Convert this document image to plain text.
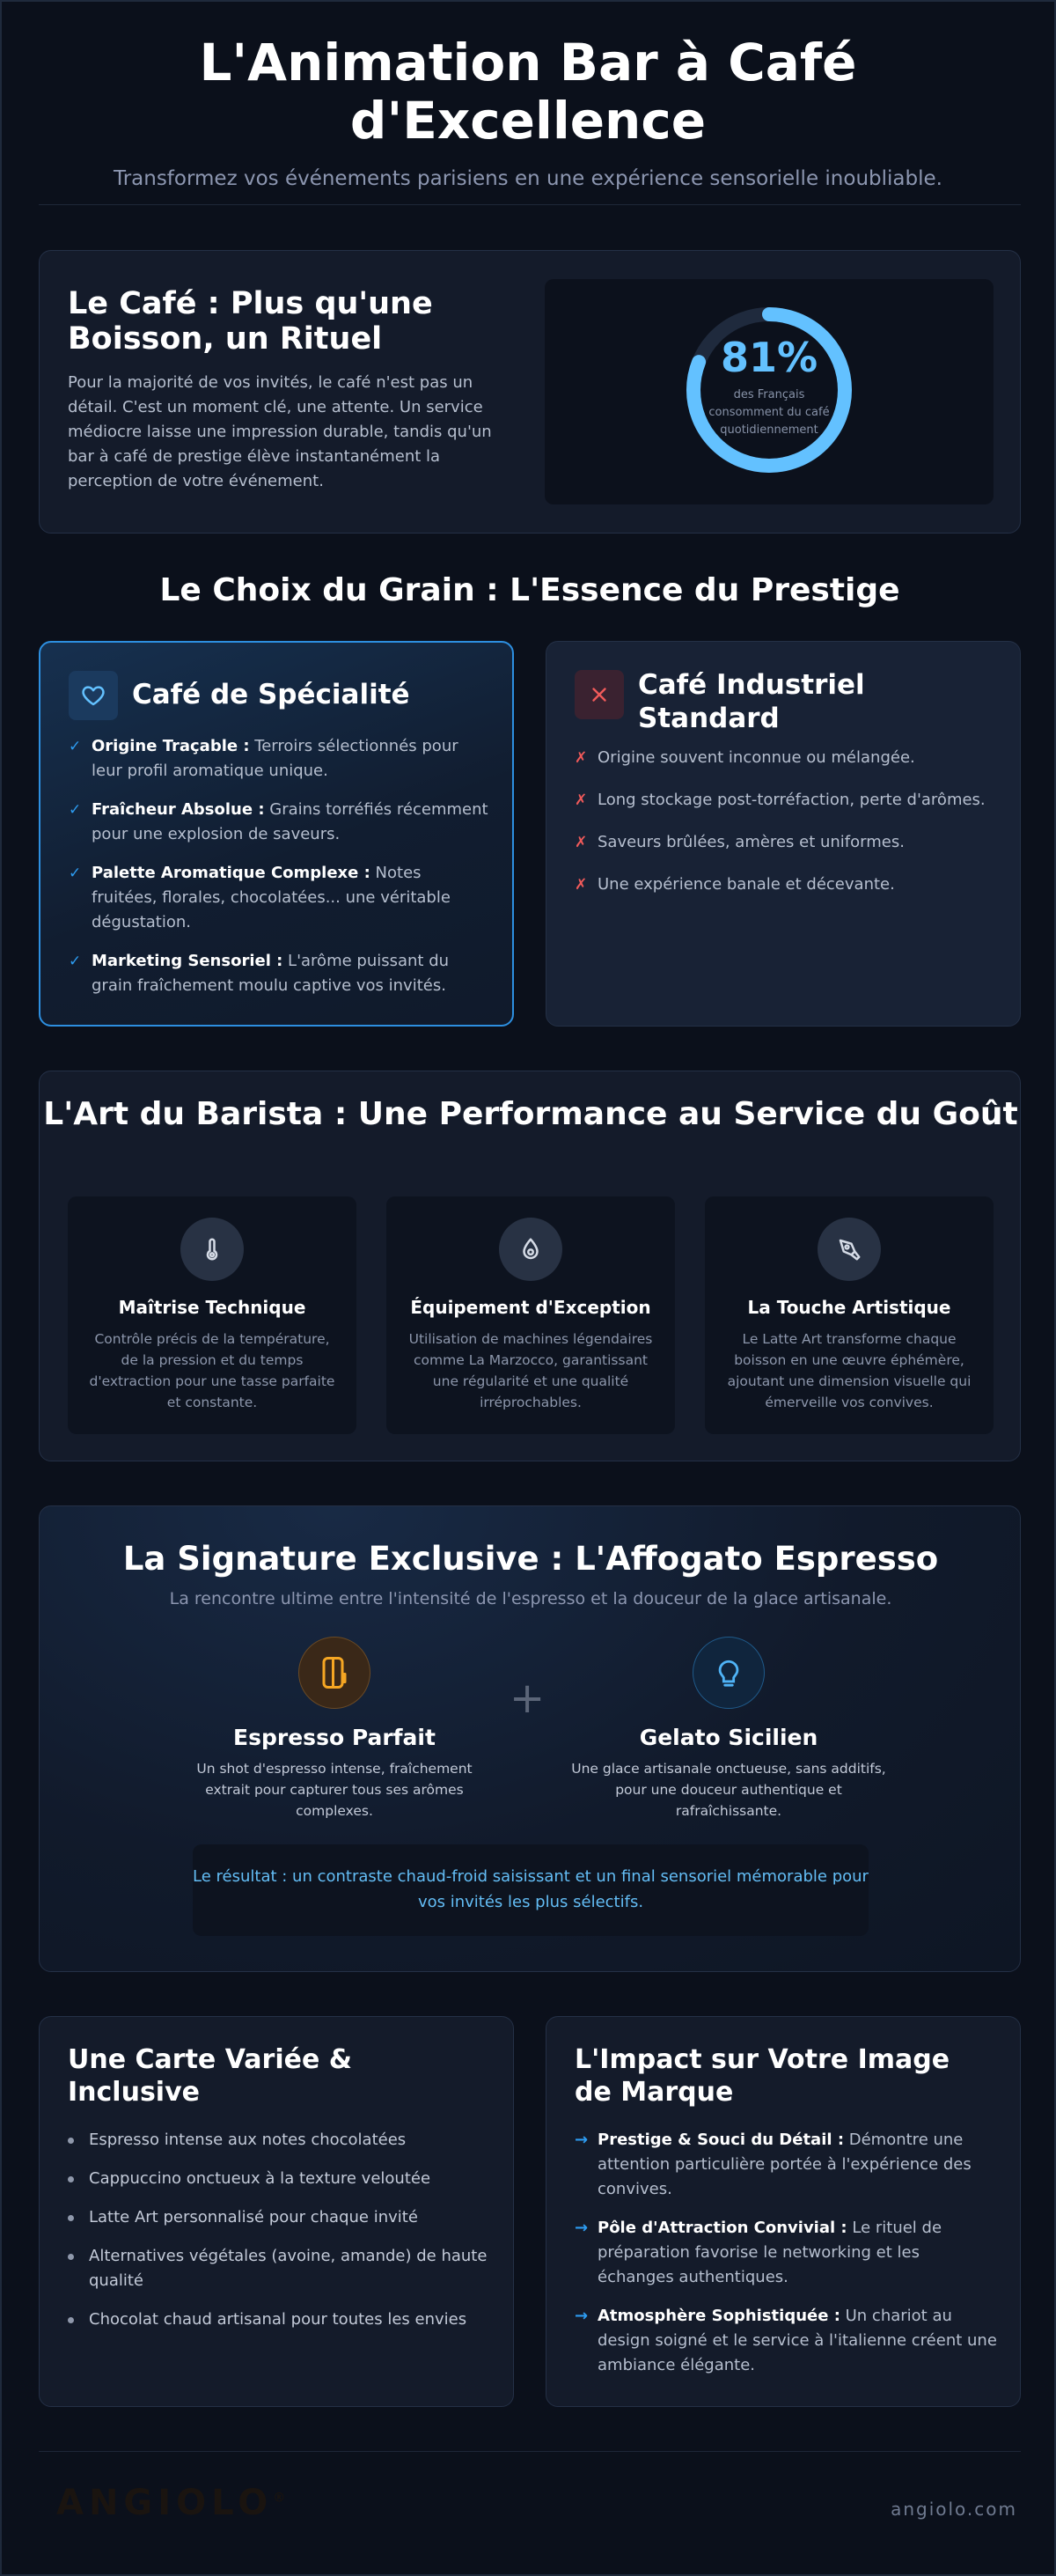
L'Animation Bar à Café d'Excellence

Transformez vos événements parisiens en une expérience sensorielle inoubliable.

Le Café : Plus qu'une Boisson, un Rituel

Pour la majorité de vos invités, le café n'est pas un détail. C'est un moment clé, une attente. Un service médiocre laisse une impression durable, tandis qu'un bar à café de prestige élève instantanément la perception de votre événement.

81%
des Français consomment du café quotidiennement
Le Choix du Grain : L'Essence du Prestige
Café de Spécialité
✓ Origine Traçable : Terroirs sélectionnés pour leur profil aromatique unique.
✓ Fraîcheur Absolue : Grains torréfiés récemment pour une explosion de saveurs.
✓ Palette Aromatique Complexe : Notes fruitées, florales, chocolatées... une véritable dégustation.
✓ Marketing Sensoriel : L'arôme puissant du grain fraîchement moulu captive vos invités.
Café Industriel Standard
✗ Origine souvent inconnue ou mélangée.
✗ Long stockage post-torréfaction, perte d'arômes.
✗ Saveurs brûlées, amères et uniformes.
✗ Une expérience banale et décevante.
L'Art du Barista : Une Performance au Service du Goût
Maîtrise Technique
Contrôle précis de la température, de la pression et du temps d'extraction pour une tasse parfaite et constante.
Équipement d'Exception
Utilisation de machines légendaires comme La Marzocco, garantissant une régularité et une qualité irréprochables.
La Touche Artistique
Le Latte Art transforme chaque boisson en une œuvre éphémère, ajoutant une dimension visuelle qui émerveille vos convives.
La Signature Exclusive : L'Affogato Espresso

La rencontre ultime entre l'intensité de l'espresso et la douceur de la glace artisanale.

Espresso Parfait
Un shot d'espresso intense, fraîchement extrait pour capturer tous ses arômes complexes.
+
Gelato Sicilien
Une glace artisanale onctueuse, sans additifs, pour une douceur authentique et rafraîchissante.
Le résultat : un contraste chaud-froid saisissant et un final sensoriel mémorable pour vos invités les plus sélectifs.
Une Carte Variée & Inclusive
Espresso intense aux notes chocolatées
Cappuccino onctueux à la texture veloutée
Latte Art personnalisé pour chaque invité
Alternatives végétales (avoine, amande) de haute qualité
Chocolat chaud artisanal pour toutes les envies
L'Impact sur Votre Image de Marque
→ Prestige & Souci du Détail : Démontre une attention particulière portée à l'expérience des convives.
→ Pôle d'Attraction Convivial : Le rituel de préparation favorise le networking et les échanges authentiques.
→ Atmosphère Sophistiquée : Un chariot au design soigné et le service à l'italienne créent une ambiance élégante.
ANGIOLO®
angiolo.com
